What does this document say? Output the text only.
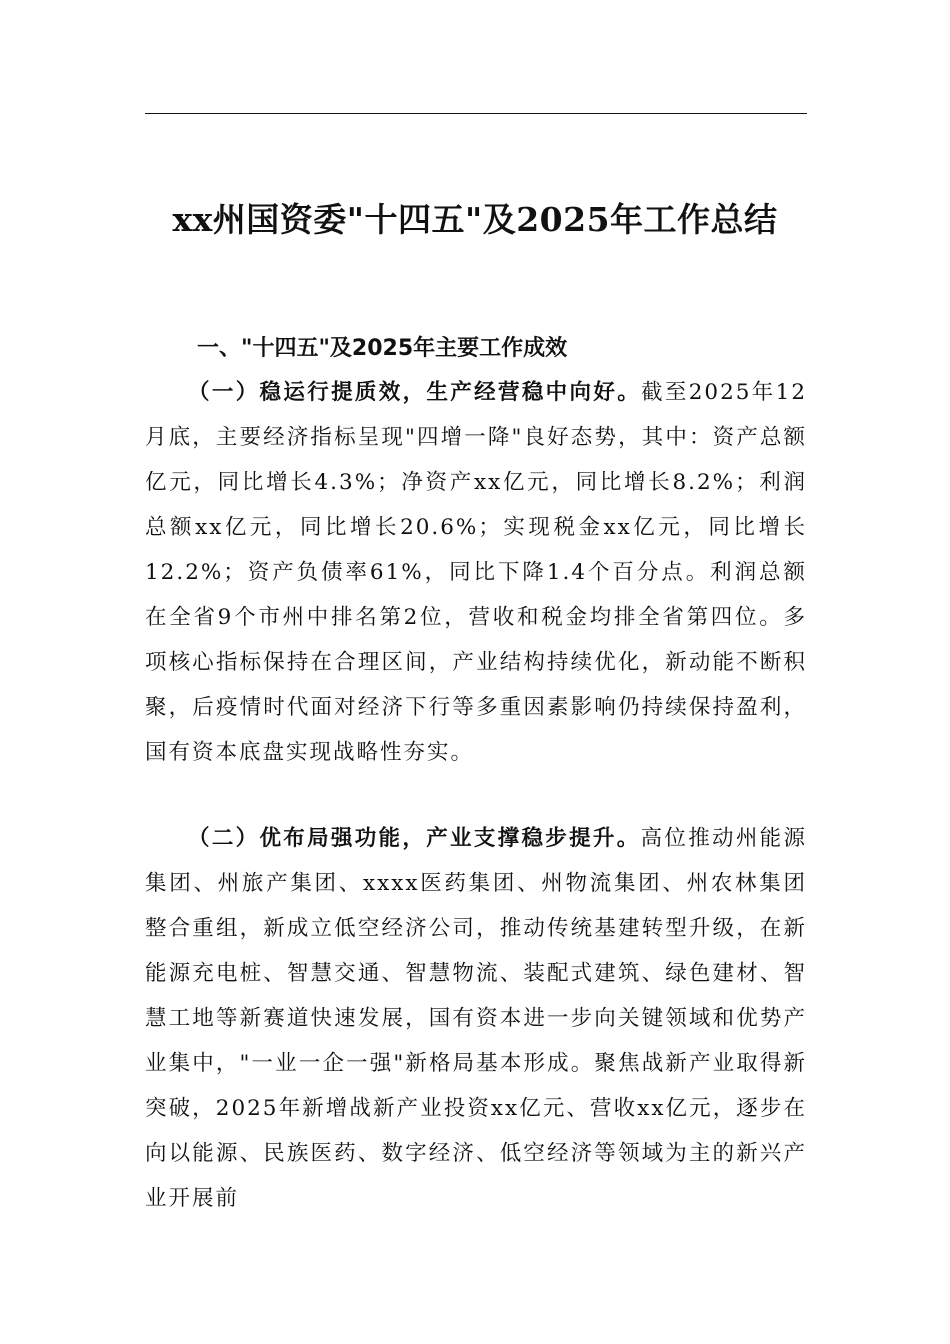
xx州国资委"十四五"及2025年工作总结
一、"十四五"及2025年主要工作成效

（一）稳运行提质效，生产经营稳中向好。截至2025年12月底，主要经济指标呈现"四增一降"良好态势，其中：资产总额亿元，同比增长4.3%；净资产xx亿元，同比增长8.2%；利润总额xx亿元，同比增长20.6%；实现税金xx亿元，同比增长12.2%；资产负债率61%，同比下降1.4个百分点。利润总额在全省9个市州中排名第2位，营收和税金均排全省第四位。多项核心指标保持在合理区间，产业结构持续优化，新动能不断积聚，后疫情时代面对经济下行等多重因素影响仍持续保持盈利，国有资本底盘实现战略性夯实。

（二）优布局强功能，产业支撑稳步提升。高位推动州能源集团、州旅产集团、xxxx医药集团、州物流集团、州农林集团整合重组，新成立低空经济公司，推动传统基建转型升级，在新能源充电桩、智慧交通、智慧物流、装配式建筑、绿色建材、智慧工地等新赛道快速发展，国有资本进一步向关键领域和优势产业集中，"一业一企一强"新格局基本形成。聚焦战新产业取得新突破，2025年新增战新产业投资xx亿元、营收xx亿元，逐步在向以能源、民族医药、数字经济、低空经济等领域为主的新兴产业开展前
